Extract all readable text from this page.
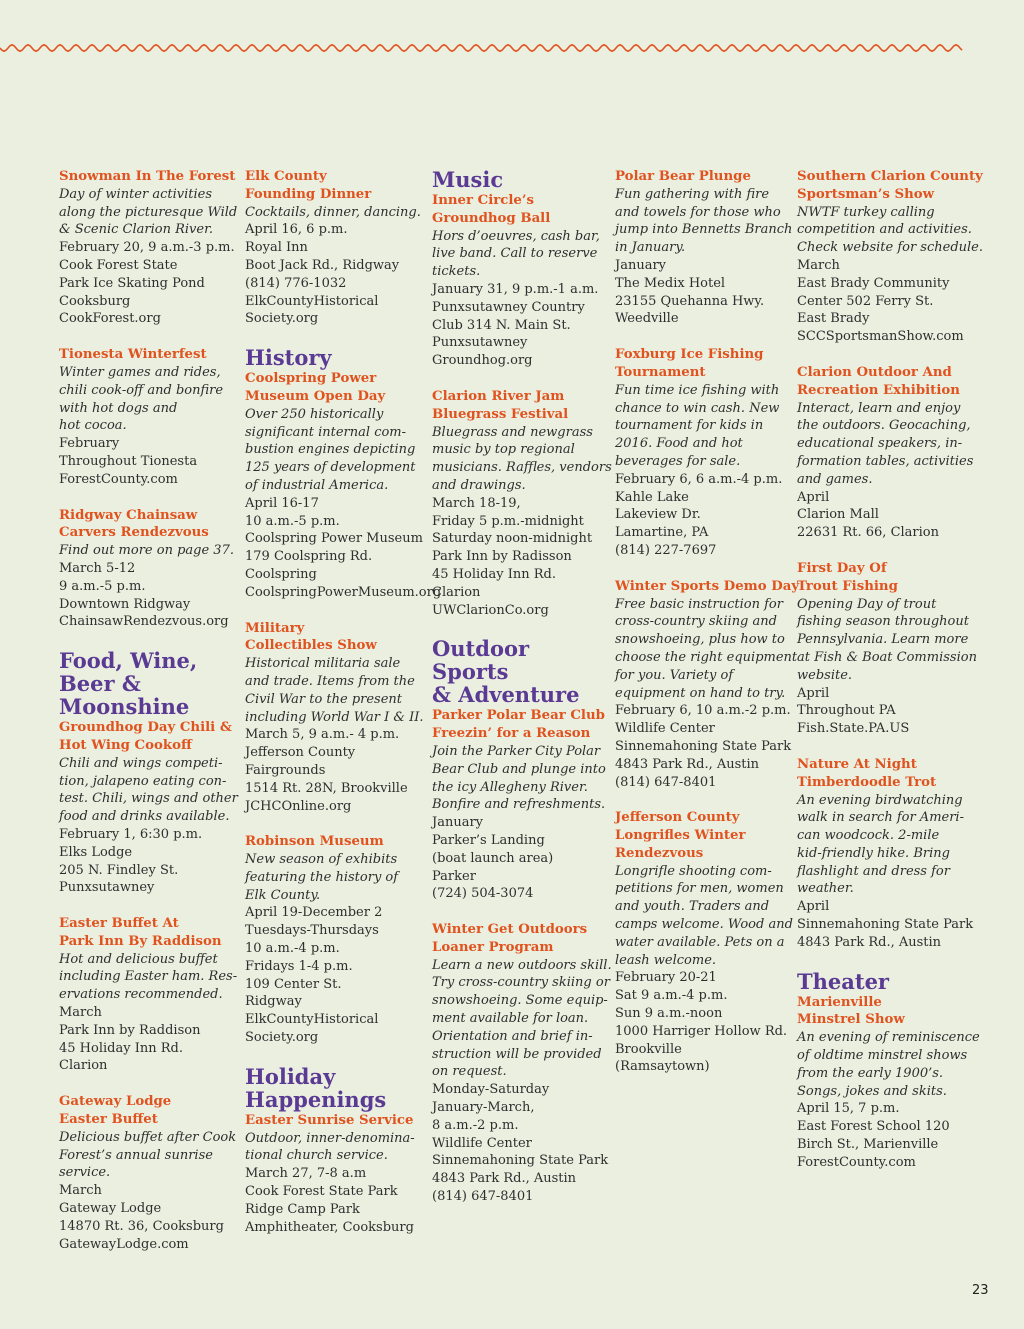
Snowman In The Forest
Day of winter activities
along the picturesque Wild
& Scenic Clarion River.
February 20, 9 a.m.-3 p.m.
Cook Forest State
Park Ice Skating Pond
Cooksburg
CookForest.org
Tionesta Winterfest
Winter games and rides,
chili cook-off and bonfire
with hot dogs and
hot cocoa.
February
Throughout Tionesta
ForestCounty.com
Ridgway Chainsaw
Carvers Rendezvous
Find out more on page 37.
March 5-12
9 a.m.-5 p.m.
Downtown Ridgway
ChainsawRendezvous.org
Food, Wine,
Beer &
Moonshine
Groundhog Day Chili &
Hot Wing Cookoff
Chili and wings competi-
tion, jalapeno eating con-
test. Chili, wings and other
food and drinks available.
February 1, 6:30 p.m.
Elks Lodge
205 N. Findley St.
Punxsutawney
Easter Buffet At
Park Inn By Raddison
Hot and delicious buffet
including Easter ham. Res-
ervations recommended.
March
Park Inn by Raddison
45 Holiday Inn Rd.
Clarion
Gateway Lodge
Easter Buffet
Delicious buffet after Cook
Forest’s annual sunrise
service.
March
Gateway Lodge
14870 Rt. 36, Cooksburg
GatewayLodge.com
Elk County
Founding Dinner
Cocktails, dinner, dancing.
April 16, 6 p.m.
Royal Inn
Boot Jack Rd., Ridgway
(814) 776-1032
ElkCountyHistorical
Society.org
History
Coolspring Power
Museum Open Day
Over 250 historically
significant internal com-
bustion engines depicting
125 years of development
of industrial America.
April 16-17
10 a.m.-5 p.m.
Coolspring Power Museum
179 Coolspring Rd.
Coolspring
CoolspringPowerMuseum.org
Military
Collectibles Show
Historical militaria sale
and trade. Items from the
Civil War to the present
including World War I & II.
March 5, 9 a.m.- 4 p.m.
Jefferson County
Fairgrounds
1514 Rt. 28N, Brookville
JCHCOnline.org
Robinson Museum
New season of exhibits
featuring the history of
Elk County.
April 19-December 2
Tuesdays-Thursdays
10 a.m.-4 p.m.
Fridays 1-4 p.m.
109 Center St.
Ridgway
ElkCountyHistorical
Society.org
Holiday
Happenings
Easter Sunrise Service
Outdoor, inner-denomina-
tional church service.
March 27, 7-8 a.m
Cook Forest State Park
Ridge Camp Park
Amphitheater, Cooksburg
Music
Inner Circle’s
Groundhog Ball
Hors d’oeuvres, cash bar,
live band. Call to reserve
tickets.
January 31, 9 p.m.-1 a.m.
Punxsutawney Country
Club 314 N. Main St.
Punxsutawney
Groundhog.org
Clarion River Jam
Bluegrass Festival
Bluegrass and newgrass
music by top regional
musicians. Raffles, vendors
and drawings.
March 18-19,
Friday 5 p.m.-midnight
Saturday noon-midnight
Park Inn by Radisson
45 Holiday Inn Rd.
Clarion
UWClarionCo.org
Outdoor Sports
& Adventure
Parker Polar Bear Club
Freezin’ for a Reason
Join the Parker City Polar
Bear Club and plunge into
the icy Allegheny River.
Bonfire and refreshments.
January
Parker’s Landing
(boat launch area)
Parker
(724) 504-3074
Winter Get Outdoors
Loaner Program
Learn a new outdoors skill.
Try cross-country skiing or
snowshoeing. Some equip-
ment available for loan.
Orientation and brief in-
struction will be provided
on request.
Monday-Saturday
January-March,
8 a.m.-2 p.m.
Wildlife Center
Sinnemahoning State Park
4843 Park Rd., Austin
(814) 647-8401
Polar Bear Plunge
Fun gathering with fire
and towels for those who
jump into Bennetts Branch
in January.
January
The Medix Hotel
23155 Quehanna Hwy.
Weedville
Foxburg Ice Fishing
Tournament
Fun time ice fishing with
chance to win cash. New
tournament for kids in
2016. Food and hot
beverages for sale.
February 6, 6 a.m.-4 p.m.
Kahle Lake
Lakeview Dr.
Lamartine, PA
(814) 227-7697
Winter Sports Demo Day
Free basic instruction for
cross-country skiing and
snowshoeing, plus how to
choose the right equipment
for you. Variety of
equipment on hand to try.
February 6, 10 a.m.-2 p.m.
Wildlife Center
Sinnemahoning State Park
4843 Park Rd., Austin
(814) 647-8401
Jefferson County
Longrifles Winter
Rendezvous
Longrifle shooting com-
petitions for men, women
and youth. Traders and
camps welcome. Wood and
water available. Pets on a
leash welcome.
February 20-21
Sat 9 a.m.-4 p.m.
Sun 9 a.m.-noon
1000 Harriger Hollow Rd.
Brookville
(Ramsaytown)
Southern Clarion County
Sportsman’s Show
NWTF turkey calling
competition and activities.
Check website for schedule.
March
East Brady Community
Center 502 Ferry St.
East Brady
SCCSportsmanShow.com
Clarion Outdoor And
Recreation Exhibition
Interact, learn and enjoy
the outdoors. Geocaching,
educational speakers, in-
formation tables, activities
and games.
April
Clarion Mall
22631 Rt. 66, Clarion
First Day Of
Trout Fishing
Opening Day of trout
fishing season throughout
Pennsylvania. Learn more
at Fish & Boat Commission
website.
April
Throughout PA
Fish.State.PA.US
Nature At Night
Timberdoodle Trot
An evening birdwatching
walk in search for Ameri-
can woodcock. 2-mile
kid-friendly hike. Bring
flashlight and dress for
weather.
April
Sinnemahoning State Park
4843 Park Rd., Austin
Theater
Marienville
Minstrel Show
An evening of reminiscence
of oldtime minstrel shows
from the early 1900’s.
Songs, jokes and skits.
April 15, 7 p.m.
East Forest School 120
Birch St., Marienville
ForestCounty.com
23
